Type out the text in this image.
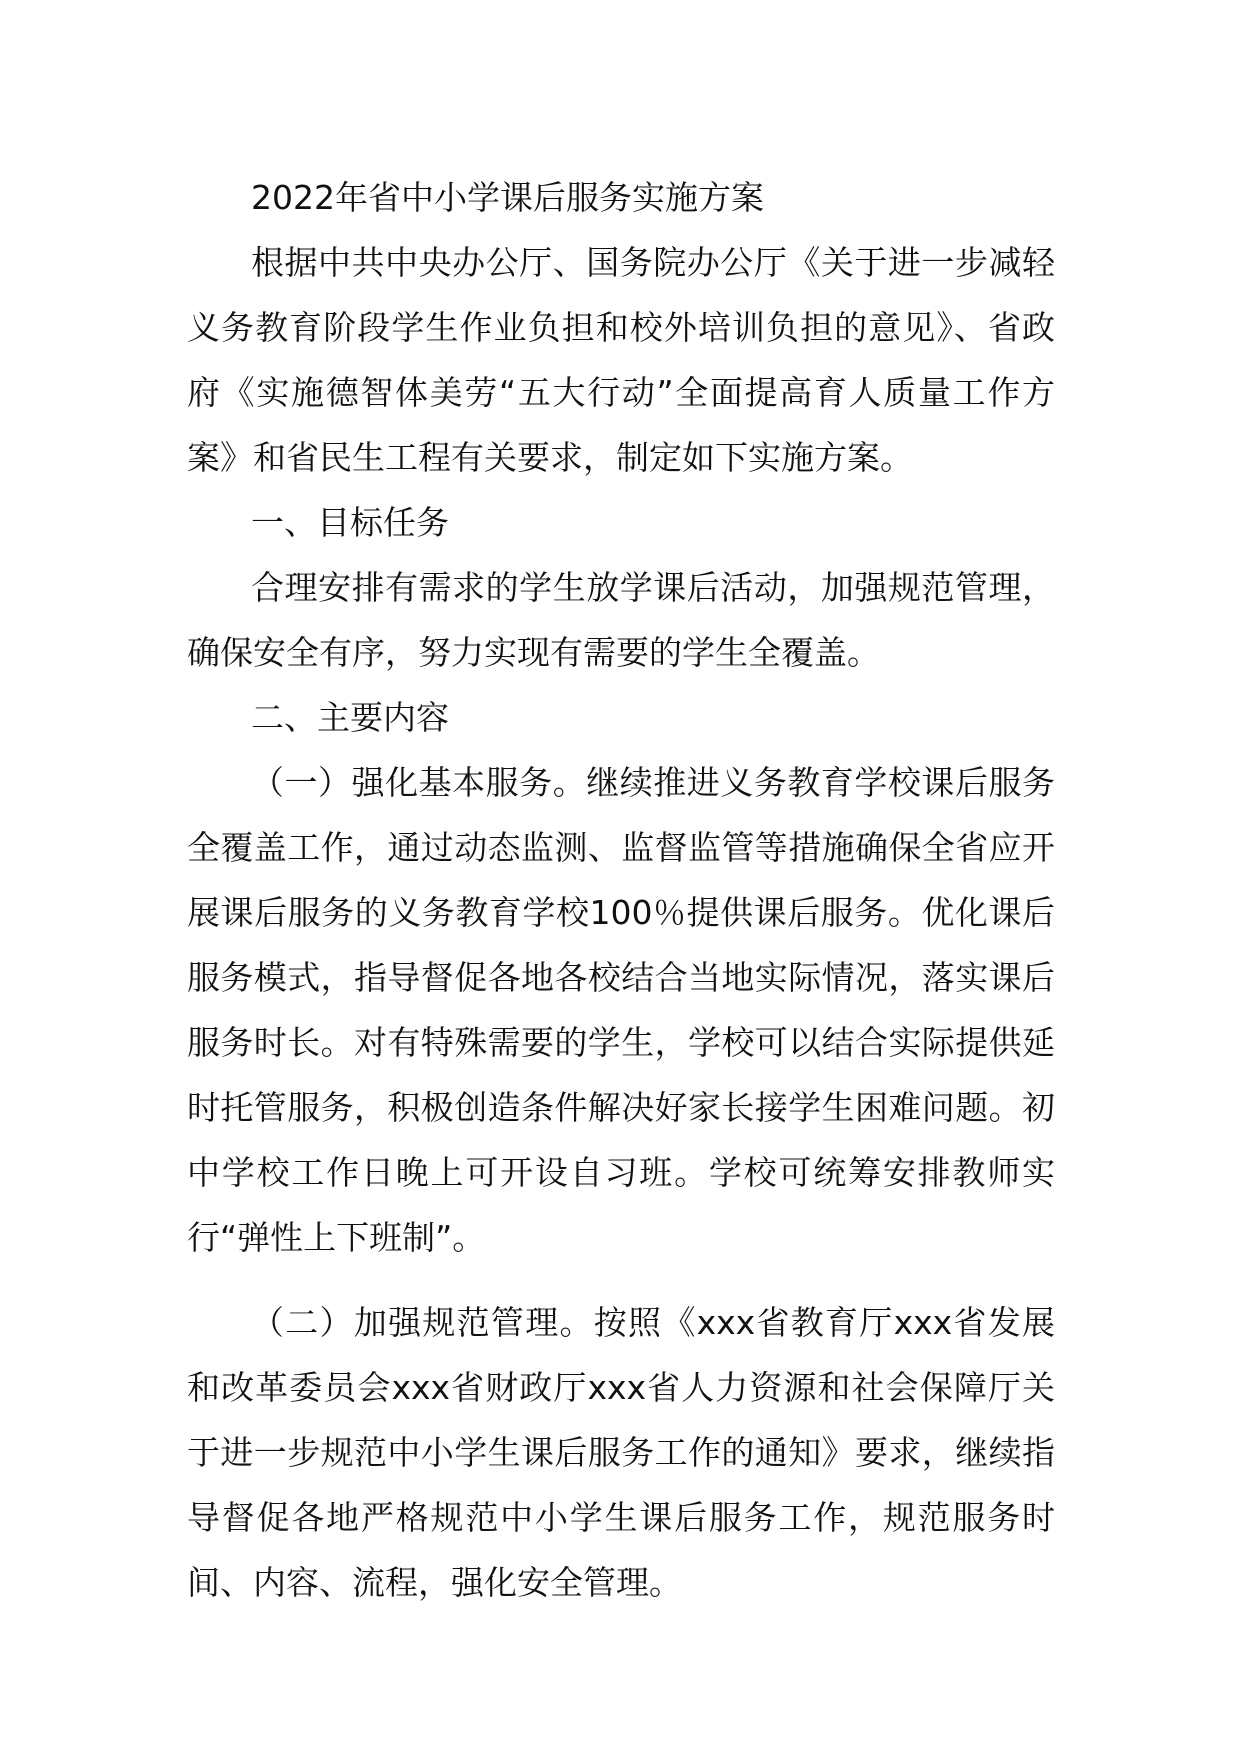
2022年省中小学课后服务实施方案

根据中共中央办公厅、国务院办公厅《关于进一步减轻义务教育阶段学生作业负担和校外培训负担的意见》、省政府《实施德智体美劳“五大行动”全面提高育人质量工作方案》和省民生工程有关要求，制定如下实施方案。

一、目标任务

合理安排有需求的学生放学课后活动，加强规范管理，确保安全有序，努力实现有需要的学生全覆盖。

二、主要内容

（一）强化基本服务。继续推进义务教育学校课后服务全覆盖工作，通过动态监测、监督监管等措施确保全省应开展课后服务的义务教育学校100％提供课后服务。优化课后服务模式，指导督促各地各校结合当地实际情况，落实课后服务时长。对有特殊需要的学生，学校可以结合实际提供延时托管服务，积极创造条件解决好家长接学生困难问题。初中学校工作日晚上可开设自习班。学校可统筹安排教师实行“弹性上下班制”。

（二）加强规范管理。按照《xxx省教育厅xxx省发展和改革委员会xxx省财政厅xxx省人力资源和社会保障厅关于进一步规范中小学生课后服务工作的通知》要求，继续指导督促各地严格规范中小学生课后服务工作，规范服务时间、内容、流程，强化安全管理。
